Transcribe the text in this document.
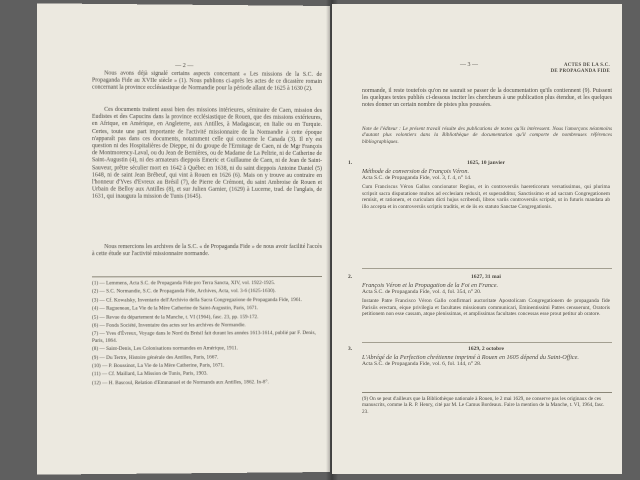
— 2 —
Nous avons déjà signalé certains aspects concernant « Les missions de la S.C. de Propaganda Fide au XVIIe siècle » (1). Nous publions ci-après les actes de ce dicastère romain concernant la province ecclésiastique de Normandie pour la période allant de 1625 à 1630 (2).
Ces documents traitent aussi bien des missions intérieures, séminaire de Caen, mission des Eudistes et des Capucins dans la province ecclésiastique de Rouen, que des missions extérieures, en Afrique, en Amérique, en Angleterre, aux Antilles, à Madagascar, en Italie ou en Turquie. Certes, toute une part importante de l'activité missionnaire de la Normandie à cette époque n'apparaît pas dans ces documents, notamment celle qui concerne le Canada (3). Il n'y est question ni des Hospitalières de Dieppe, ni du groupe de l'Ermitage de Caen, ni de Mgr François de Montmorency-Laval, ou du Jean de Bernières, ou de Madame de La Peltrie, ni de Catherine de Saint-Augustin (4), ni des armateurs dieppois Emeric et Guillaume de Caen, ni de Jean de Saint-Sauveur, prêtre séculier mort en 1642 à Québec en 1638, ni du saint dieppois Antoine Daniel (5) 1648, ni de saint Jean Brébeuf, qui vint à Rouen en 1626 (6). Mais on y trouve au contraire en l'honneur d'Yves d'Evreux au Brésil (7), de Pierre de Crémont, du saint Ambroise de Rouen et Urbain de Belloy aux Antilles (8), et sur Julien Garnier, (1629) à Lucerne, trad. de l'anglais, de 1631, qui inaugura la mission de Tunis (1645).
Nous remercions les archives de la S.C. « de Propaganda Fide » de nous avoir facilité l'accès à cette étude sur l'activité missionnaire normande.

(1) — Lemmens, Acta S.C. de Propaganda Fide pro Terra Sancta, XIV, vol. 1922-1925.

(2) — S.C. Normandie, S.C. de Propaganda Fide, Archives, Acta, vol. 3-6 (1625-1630).

(3) — Cf. Kowalsky, Inventario dell'Archivio della Sacra Congregazione de Propaganda Fide, 1961.

(4) — Ragueneau, La Vie de la Mère Catherine de Saint-Augustin, Paris, 1671.

(5) — Revue du département de la Manche, t. VI (1964), fasc. 23, pp. 159-172.

(6) — Fonds Société, Inventaire des actes sur les archives de Normandie.

(7) — Yves d'Évreux, Voyage dans le Nord du Brésil fait durant les années 1613-1614, publié par F. Denis, Paris, 1864.

(8) — Saint-Denis, Les Colonisations normandes en Amérique, 1911.

(9) — Du Tertre, Histoire générale des Antilles, Paris, 1667.

(10) — P. Boussinot, La Vie de la Mère Catherine, Paris, 1671.

(11) — Cf. Maillard, La Mission de Tunis, Paris, 1903.

(12) — H. Bascoul, Relation d'Emmanuel et de Normands aux Antilles, 1862. In-8°.

— 3 —	ACTES DE LA S.C.
DE PROPAGANDA FIDE
normande, il reste toutefois qu'on ne saurait se passer de la documentation qu'ils contiennent (9). Puissent les quelques textes publiés ci-dessous inciter les chercheurs à une publication plus étendue, et les quelques notes donner un certain nombre de pistes plus poussées.
Note de l'éditeur : Le présent travail résulte des publications de textes qu'ils intéressent. Nous l'amorçons néanmoins d'autant plus volontiers dans la Bibliothèque de documentation qu'il comporte de nombreuses références bibliographiques.
1.	1625, 10 janvier
Méthode de conversion de François Véron.
Acta S.C. de Propaganda Fide, vol. 3, f. 4, n° 14.
Cum Franciscus Véron Gallus concionator Regius, et in controversiis haereticorum versatissimus, qui plurima scripsit sacra disputatione multos ad ecclesiam reduxit, et superadditur, Sanctissimo et ad sacram Congregationem remisit, et rationem, et curiculam dicti hujus scribendi, libros variis controversiis scripsit, ut in futuris mandata ab illo accepta et in controversiis scriptis traditis, et de iis ex statuto Sanctae Congregationis.
2.	1627, 31 mai
François Véron et la Propagation de la Foi en France.
Acta S.C. de Propaganda Fide, vol. 4, fol. 354, n° 20.
Instante Patre Francisco Véron Gallo confirmari auctoritate Apostolicam Congregationem de propaganda fide Parisiis erectam, eique privilegia et facultates missionum communicari, Eminentissimi Patres censuerunt, Oratoris petitionem non esse cassam, atque plenissimas, et amplissimas facultates concessas esse prout petitur ab oratore.
3.	1629, 2 octobre
L'Abrégé de la Perfection chrétienne imprimé à Rouen en 1605 dépend du Saint-Office.
Acta S.C. de Propaganda Fide, vol. 6, fol. 144, n° 28.

(9) On se peut d'ailleurs que la Bibliothèque nationale à Rouen, le 2 mai 1629, ne conserve pas les originaux de ces manuscrits, comme la R. P. Henry, cité par M. Le Camus Bordeaux. Faire la mention de la Manche, t. VI, 1964, fasc. 23.
